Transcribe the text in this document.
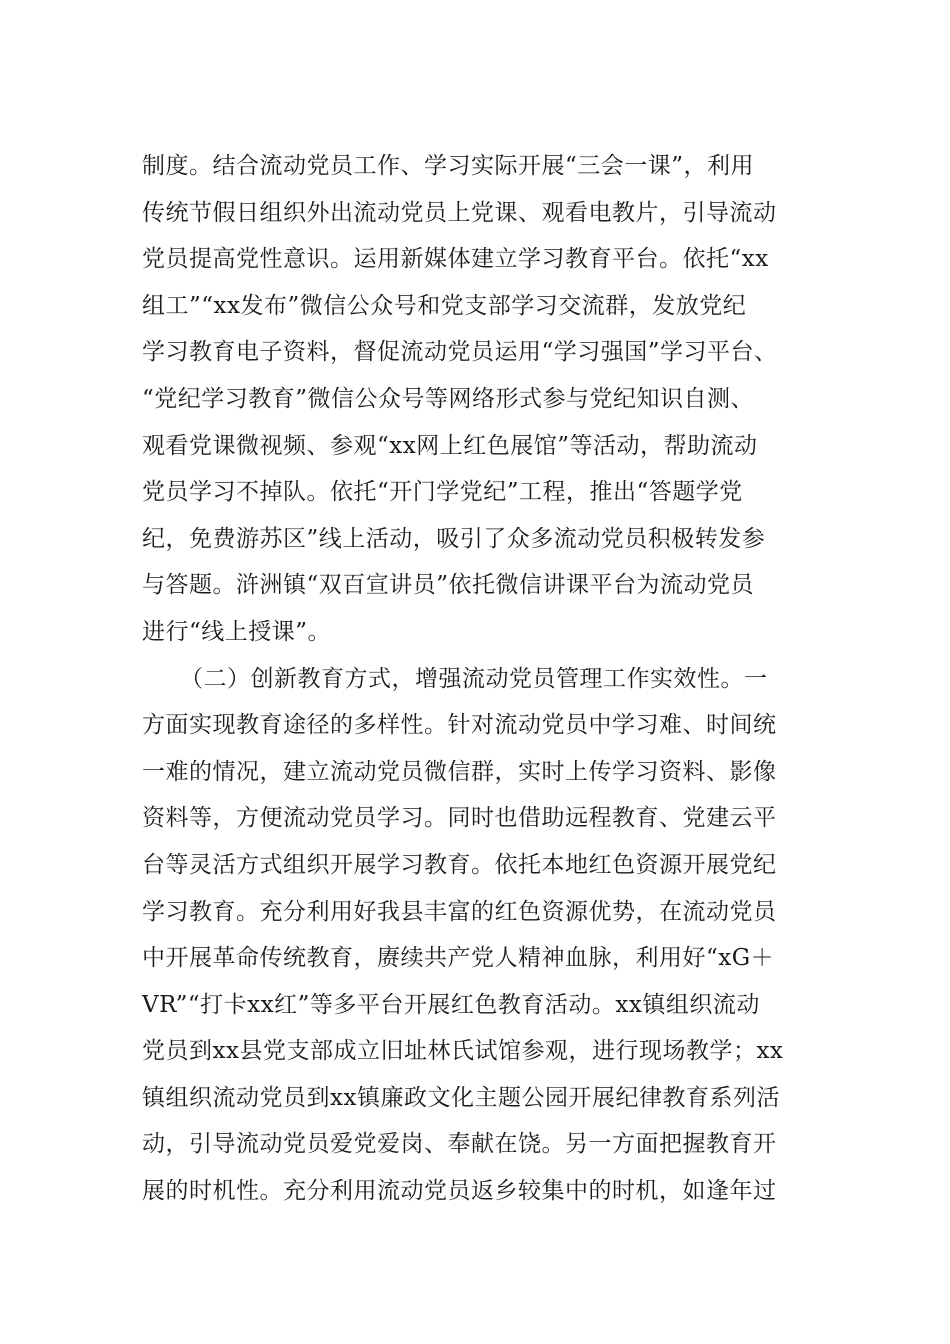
制度。结合流动党员工作、学习实际开展“三会一课”，利用
传统节假日组织外出流动党员上党课、观看电教片，引导流动
党员提高党性意识。运用新媒体建立学习教育平台。依托“xx
组工”“xx发布”微信公众号和党支部学习交流群，发放党纪
学习教育电子资料，督促流动党员运用“学习强国”学习平台、
“党纪学习教育”微信公众号等网络形式参与党纪知识自测、
观看党课微视频、参观“xx网上红色展馆”等活动，帮助流动
党员学习不掉队。依托“开门学党纪”工程，推出“答题学党
纪，免费游苏区”线上活动，吸引了众多流动党员积极转发参
与答题。浒洲镇“双百宣讲员”依托微信讲课平台为流动党员
进行“线上授课”。
（二）创新教育方式，增强流动党员管理工作实效性。一
方面实现教育途径的多样性。针对流动党员中学习难、时间统
一难的情况，建立流动党员微信群，实时上传学习资料、影像
资料等，方便流动党员学习。同时也借助远程教育、党建云平
台等灵活方式组织开展学习教育。依托本地红色资源开展党纪
学习教育。充分利用好我县丰富的红色资源优势，在流动党员
中开展革命传统教育，赓续共产党人精神血脉，利用好“xG＋
VR”“打卡xx红”等多平台开展红色教育活动。xx镇组织流动
党员到xx县党支部成立旧址林氏试馆参观，进行现场教学；xx
镇组织流动党员到xx镇廉政文化主题公园开展纪律教育系列活
动，引导流动党员爱党爱岗、奉献在饶。另一方面把握教育开
展的时机性。充分利用流动党员返乡较集中的时机，如逢年过
